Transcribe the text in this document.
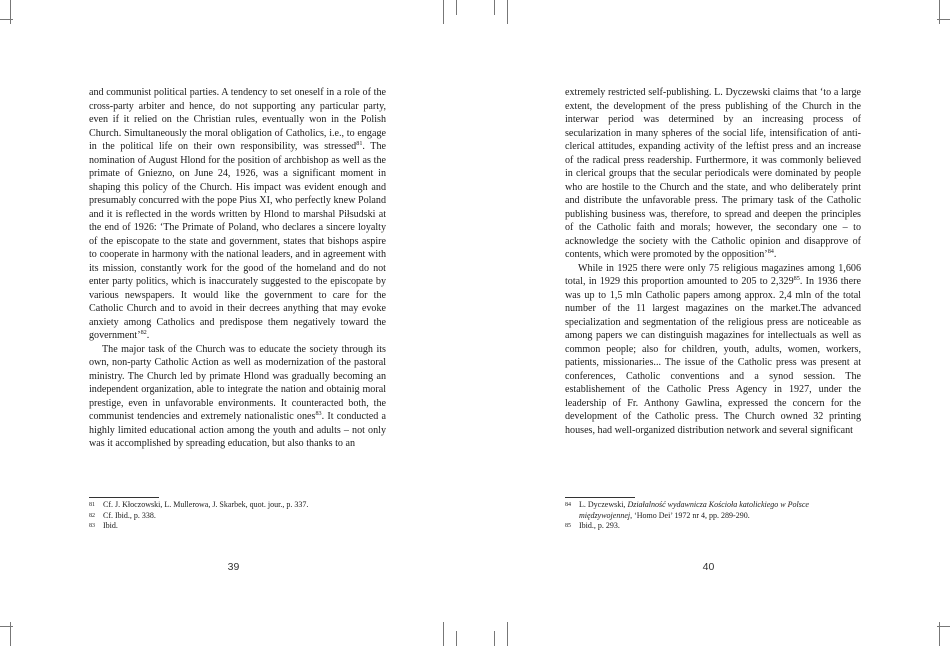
and communist political parties. A tendency to set oneself in a role of the cross-party arbiter and hence, do not supporting any particular party, even if it relied on the Christian rules, eventually won in the Polish Church. Simultaneously the moral obligation of Catholics, i.e., to engage in the political life on their own responsibility, was stressed$^{81}$. The nomination of August Hlond for the position of archbishop as well as the primate of Gniezno, on June 24, 1926, was a significant moment in shaping this policy of the Church. His impact was evident enough and presumably concurred with the pope Pius XI, who perfectly knew Poland and it is reflected in the words written by Hlond to marshal Piłsudski at the end of 1926: ‘The Primate of Poland, who declares a sincere loyalty of the episcopate to the state and government, states that bishops aspire to cooperate in harmony with the national leaders, and in agreement with its mission, constantly work for the good of the homeland and do not enter party politics, which is inaccurately suggested to the episcopate by various newspapers. It would like the government to care for the Catholic Church and to avoid in their decrees anything that may evoke anxiety among Catholics and predispose them negatively toward the government’$^{82}$.

The major task of the Church was to educate the society through its own, non-party Catholic Action as well as modernization of the pastoral ministry. The Church led by primate Hlond was gradually becoming an independent organization, able to integrate the nation and obtainig moral prestige, even in unfavorable environments. It counteracted both, the communist tendencies and extremely nationalistic ones$^{83}$. It conducted a highly limited educational action among the youth and adults – not only was it accomplished by spreading education, but also thanks to an

81 Cf. J. Kłoczowski, L. Mullerowa, J. Skarbek, quot. jour., p. 337.
82 Cf. Ibid., p. 338.
83 Ibid.
39

extremely restricted self-publishing. L. Dyczewski claims that ‘to a large extent, the development of the press publishing of the Church in the interwar period was determined by an increasing process of secularization in many spheres of the social life, intensification of anti-clerical attitudes, expanding activity of the leftist press and an increase of the radical press readership. Furthermore, it was commonly believed in clerical groups that the secular periodicals were dominated by people who are hostile to the Church and the state, and who deliberately print and distribute the unfavorable press. The primary task of the Catholic publishing business was, therefore, to spread and deepen the principles of the Catholic faith and morals; however, the secondary one – to acknowledge the society with the Catholic opinion and disapprove of contents, which were promoted by the opposition’$^{84}$.

While in 1925 there were only 75 religious magazines among 1,606 total, in 1929 this proportion amounted to 205 to 2,329$^{85}$. In 1936 there was up to 1,5 mln Catholic papers among approx. 2,4 mln of the total number of the 11 largest magazines on the market.The advanced specialization and segmentation of the religious press are noticeable as among papers we can distinguish magazines for intellectuals as well as common people; also for children, youth, adults, women, workers, patients, missionaries... The issue of the Catholic press was present at conferences, Catholic conventions and a synod session. The establishement of the Catholic Press Agency in 1927, under the leadership of Fr. Anthony Gawlina, expressed the concern for the development of the Catholic press. The Church owned 32 printing houses, had well-organized distribution network and several significant

84 L. Dyczewski, Działalność wydawnicza Kościoła katolickiego w Polsce międzywojennej, ‘Homo Dei’ 1972 nr 4, pp. 289-290.
85 Ibid., p. 293.
40
